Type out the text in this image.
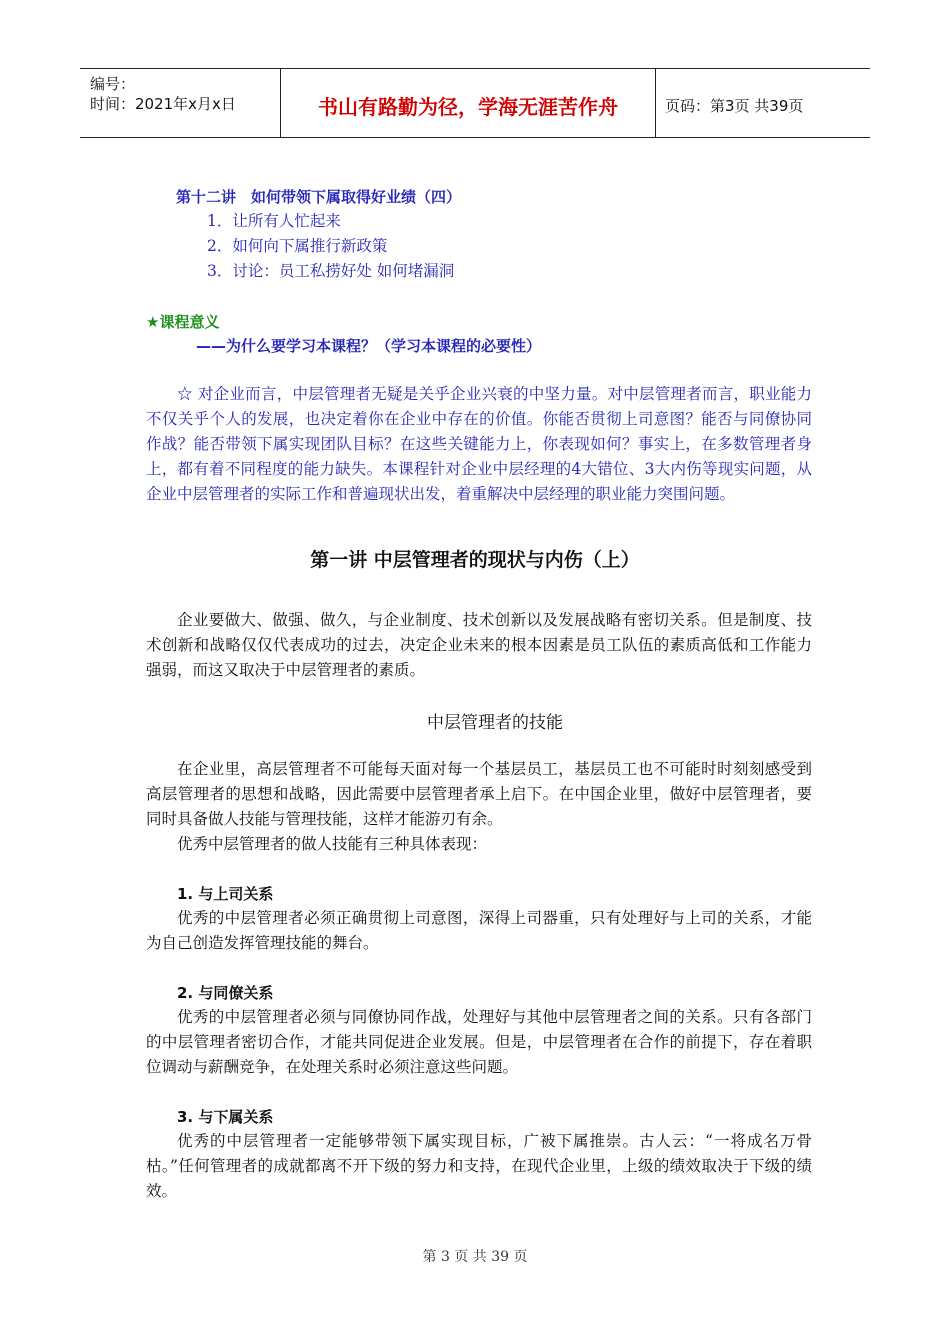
编号：
时间：2021年x月x日	书山有路勤为径，学海无涯苦作舟	页码：第3页 共39页
第十二讲　如何带领下属取得好业绩（四）
1．让所有人忙起来
2．如何向下属推行新政策
3．讨论：员工私捞好处 如何堵漏洞
★课程意义
——为什么要学习本课程？（学习本课程的必要性）
☆ 对企业而言，中层管理者无疑是关乎企业兴衰的中坚力量。对中层管理者而言，职业能力不仅关乎个人的发展，也决定着你在企业中存在的价值。你能否贯彻上司意图？能否与同僚协同作战？能否带领下属实现团队目标？在这些关键能力上，你表现如何？事实上，在多数管理者身上，都有着不同程度的能力缺失。本课程针对企业中层经理的4大错位、3大内伤等现实问题，从企业中层管理者的实际工作和普遍现状出发，着重解决中层经理的职业能力突围问题。
第一讲 中层管理者的现状与内伤（上）
企业要做大、做强、做久，与企业制度、技术创新以及发展战略有密切关系。但是制度、技术创新和战略仅仅代表成功的过去，决定企业未来的根本因素是员工队伍的素质高低和工作能力强弱，而这又取决于中层管理者的素质。
中层管理者的技能
在企业里，高层管理者不可能每天面对每一个基层员工，基层员工也不可能时时刻刻感受到高层管理者的思想和战略，因此需要中层管理者承上启下。在中国企业里，做好中层管理者，要同时具备做人技能与管理技能，这样才能游刃有余。
优秀中层管理者的做人技能有三种具体表现：
1. 与上司关系
优秀的中层管理者必须正确贯彻上司意图，深得上司器重，只有处理好与上司的关系，才能为自己创造发挥管理技能的舞台。
2. 与同僚关系
优秀的中层管理者必须与同僚协同作战，处理好与其他中层管理者之间的关系。只有各部门的中层管理者密切合作，才能共同促进企业发展。但是，中层管理者在合作的前提下，存在着职位调动与薪酬竞争，在处理关系时必须注意这些问题。
3. 与下属关系
优秀的中层管理者一定能够带领下属实现目标，广被下属推崇。古人云：“一将成名万骨枯。”任何管理者的成就都离不开下级的努力和支持，在现代企业里，上级的绩效取决于下级的绩效。
第 3 页 共 39 页
